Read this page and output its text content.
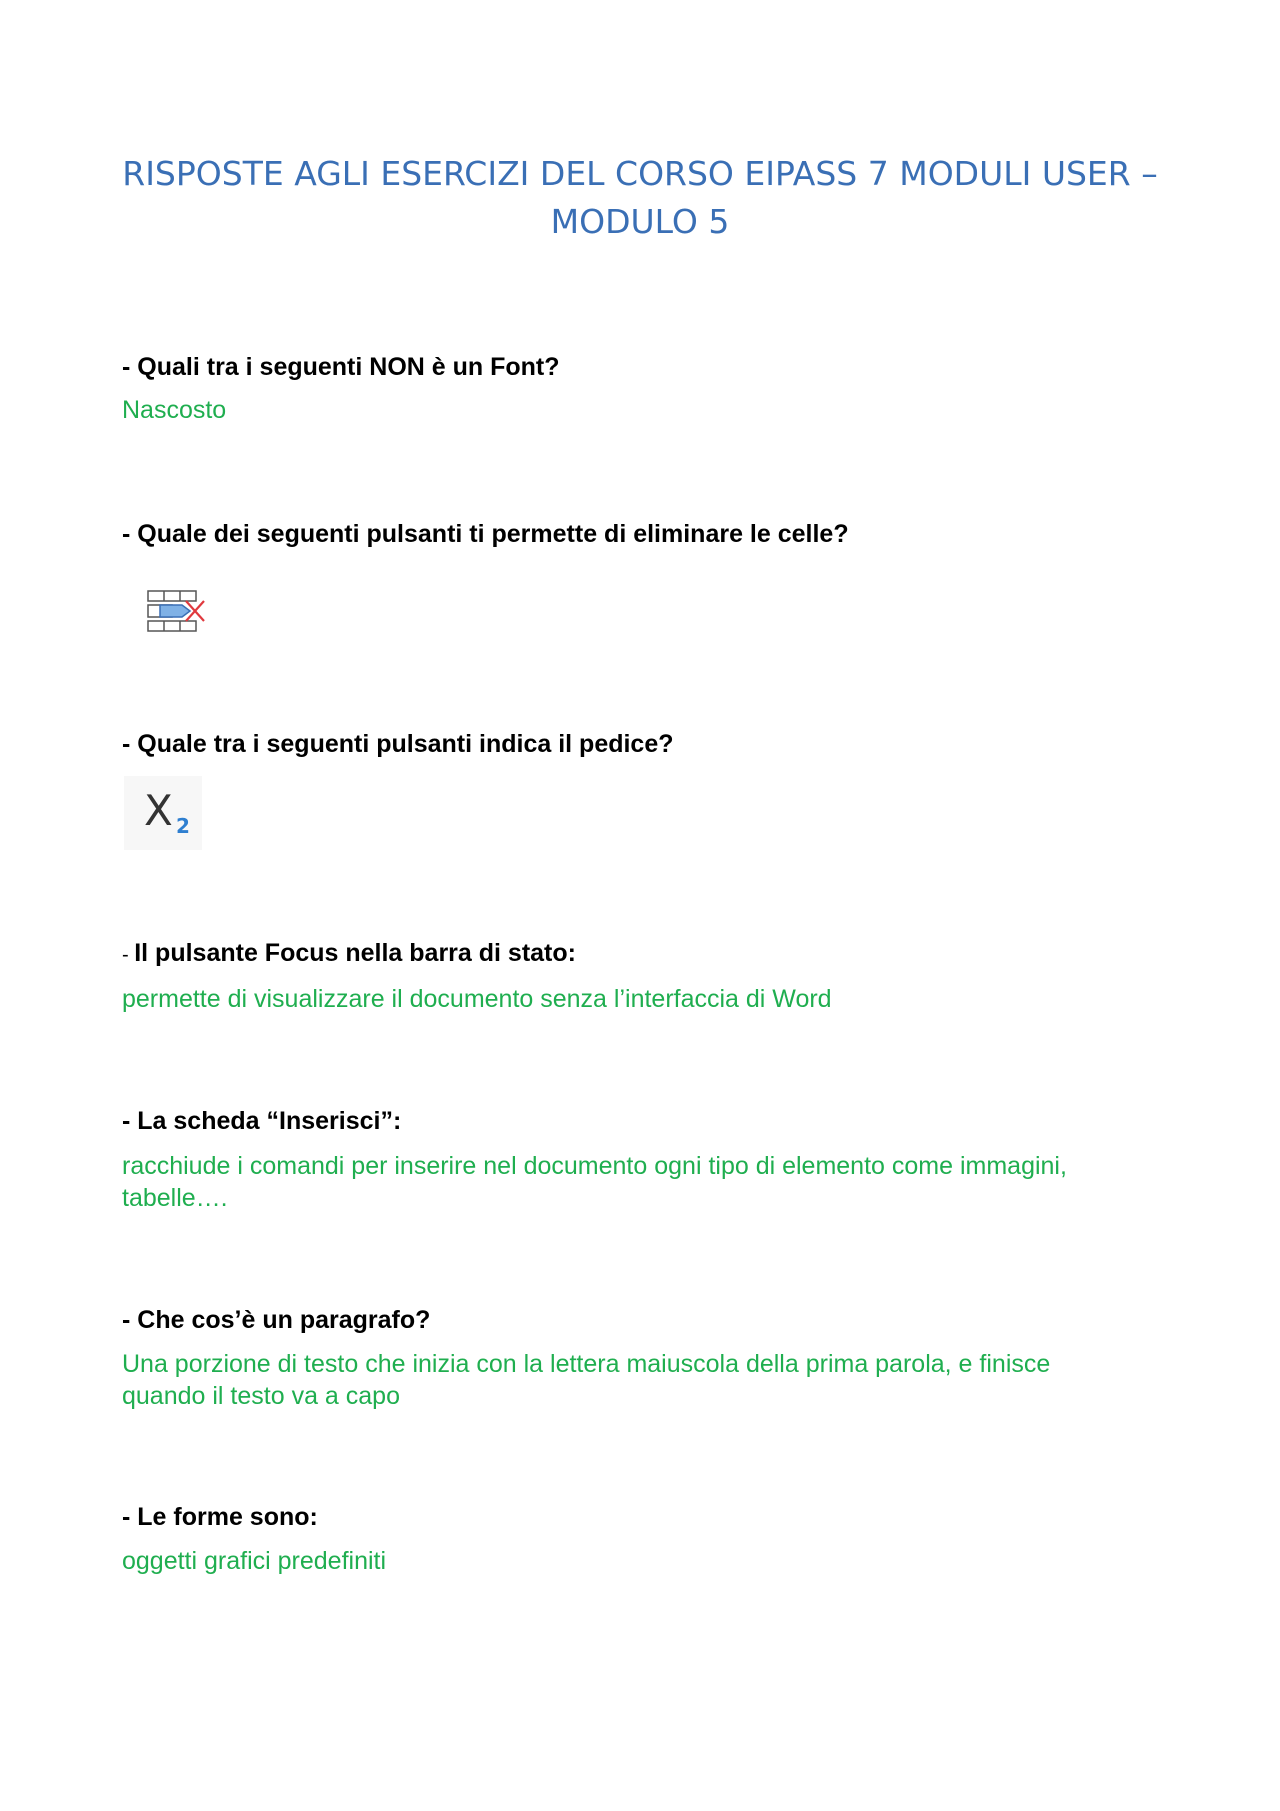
RISPOSTE AGLI ESERCIZI DEL CORSO EIPASS 7 MODULI USER – MODULO 5

- Quali tra i seguenti NON è un Font?

Nascosto

- Quale dei seguenti pulsanti ti permette di eliminare le celle?

- Quale tra i seguenti pulsanti indica il pedice?

X 2

- Il pulsante Focus nella barra di stato:

permette di visualizzare il documento senza l’interfaccia di Word

- La scheda “Inserisci”:

racchiude i comandi per inserire nel documento ogni tipo di elemento come immagini, tabelle….

- Che cos’è un paragrafo?

Una porzione di testo che inizia con la lettera maiuscola della prima parola, e finisce quando il testo va a capo

- Le forme sono:

oggetti grafici predefiniti
